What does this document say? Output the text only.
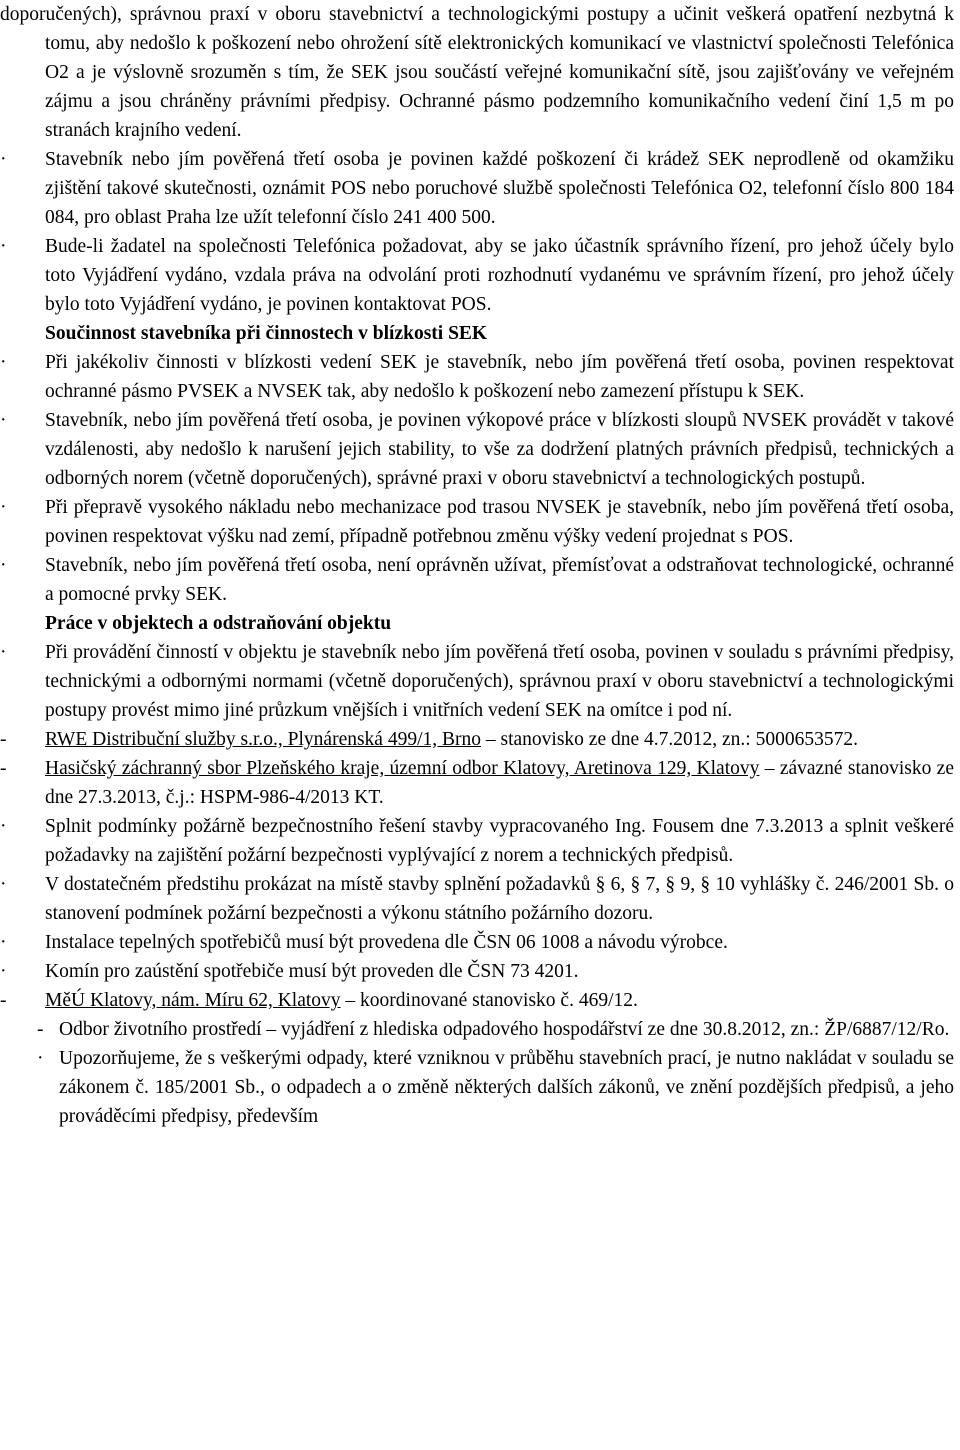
doporučených), správnou praxí v oboru stavebnictví a technologickými postupy a učinit veškerá opatření nezbytná k tomu, aby nedošlo k poškození nebo ohrožení sítě elektronických komunikací ve vlastnictví společnosti Telefónica O2 a je výslovně srozuměn s tím, že SEK jsou součástí veřejné komunikační sítě, jsou zajišťovány ve veřejném zájmu a jsou chráněny právními předpisy. Ochranné pásmo podzemního komunikačního vedení činí 1,5 m po stranách krajního vedení.
·	Stavebník nebo jím pověřená třetí osoba je povinen každé poškození či krádež SEK neprodleně od okamžiku zjištění takové skutečnosti, oznámit POS nebo poruchové službě společnosti Telefónica O2, telefonní číslo 800 184 084, pro oblast Praha lze užít telefonní číslo 241 400 500.
·	Bude-li žadatel na společnosti Telefónica požadovat, aby se jako účastník správního řízení, pro jehož účely bylo toto Vyjádření vydáno, vzdala práva na odvolání proti rozhodnutí vydanému ve správním řízení, pro jehož účely bylo toto Vyjádření vydáno, je povinen kontaktovat POS.
Součinnost stavebníka při činnostech v blízkosti SEK
·	Při jakékoliv činnosti v blízkosti vedení SEK je stavebník, nebo jím pověřená třetí osoba, povinen respektovat ochranné pásmo PVSEK a NVSEK tak, aby nedošlo k poškození nebo zamezení přístupu k SEK.
·	Stavebník, nebo jím pověřená třetí osoba, je povinen výkopové práce v blízkosti sloupů NVSEK provádět v takové vzdálenosti, aby nedošlo k narušení jejich stability, to vše za dodržení platných právních předpisů, technických a odborných norem (včetně doporučených), správné praxi v oboru stavebnictví a technologických postupů.
·	Při přepravě vysokého nákladu nebo mechanizace pod trasou NVSEK je stavebník, nebo jím pověřená třetí osoba, povinen respektovat výšku nad zemí, případně potřebnou změnu výšky vedení projednat s POS.
·	Stavebník, nebo jím pověřená třetí osoba, není oprávněn užívat, přemísťovat a odstraňovat technologické, ochranné a pomocné prvky SEK.
Práce v objektech a odstraňování objektu
·	Při provádění činností v objektu je stavebník nebo jím pověřená třetí osoba, povinen v souladu s právními předpisy, technickými a odbornými normami (včetně doporučených), správnou praxí v oboru stavebnictví a technologickými postupy provést mimo jiné průzkum vnějších i vnitřních vedení SEK na omítce i pod ní.
-	RWE Distribuční služby s.r.o., Plynárenská 499/1, Brno – stanovisko ze dne 4.7.2012, zn.: 5000653572.
-	Hasičský záchranný sbor Plzeňského kraje, územní odbor Klatovy, Aretinova 129, Klatovy – závazné stanovisko ze dne 27.3.2013, č.j.: HSPM-986-4/2013 KT.
·	Splnit podmínky požárně bezpečnostního řešení stavby vypracovaného Ing. Fousem dne 7.3.2013 a splnit veškeré požadavky na zajištění požární bezpečnosti vyplývající z norem a technických předpisů.
·	V dostatečném předstihu prokázat na místě stavby splnění požadavků § 6, § 7, § 9, § 10 vyhlášky č. 246/2001 Sb. o stanovení podmínek požární bezpečnosti a výkonu státního požárního dozoru.
·	Instalace tepelných spotřebičů musí být provedena dle ČSN 06 1008 a návodu výrobce.
·	Komín pro zaústění spotřebiče musí být proveden dle ČSN 73 4201.
-	MěÚ Klatovy, nám. Míru 62, Klatovy – koordinované stanovisko č. 469/12.
- Odbor životního prostředí – vyjádření z hlediska odpadového hospodářství ze dne 30.8.2012, zn.: ŽP/6887/12/Ro.
· Upozorňujeme, že s veškerými odpady, které vzniknou v průběhu stavebních prací, je nutno nakládat v souladu se zákonem č. 185/2001 Sb., o odpadech a o změně některých dalších zákonů, ve znění pozdějších předpisů, a jeho prováděcími předpisy, především
